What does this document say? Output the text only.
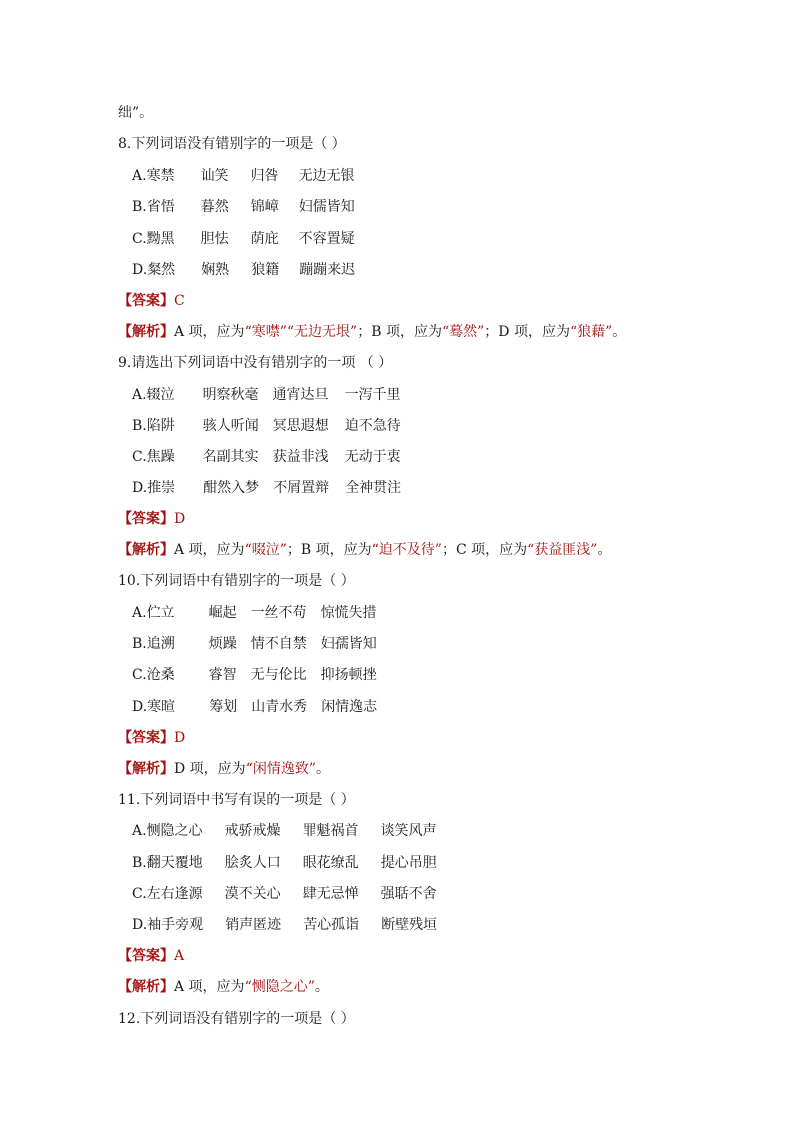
绌”。
8.下列词语没有错别字的一项是（ ）
A.寒禁 讪笑 归咎 无边无银
B.省悟 暮然 锦嶂 妇儒皆知
C.黝黑 胆怯 荫庇 不容置疑
D.粲然 娴熟 狼籍 蹦蹦来迟
【答案】C
【解析】A 项，应为“寒噤”“无边无垠”；B 项，应为“蓦然”；D 项，应为“狼藉”。
9.请选出下列词语中没有错别字的一项 （ ）
A.辍泣 明察秋毫 通宵达旦 一泻千里
B.陷阱 骇人听闻 冥思遐想 迫不急待
C.焦躁 名副其实 获益非浅 无动于衷
D.推崇 酣然入梦 不屑置辩 全神贯注
【答案】D
【解析】A 项，应为“啜泣”；B 项，应为“迫不及待”；C 项，应为“获益匪浅”。
10.下列词语中有错别字的一项是（ ）
A.伫立 崛起 一丝不苟 惊慌失措
B.追溯 烦躁 情不自禁 妇孺皆知
C.沧桑 睿智 无与伦比 抑扬顿挫
D.寒暄 筹划 山青水秀 闲情逸志
【答案】D
【解析】D 项，应为“闲情逸致”。
11.下列词语中书写有误的一项是（ ）
A.恻隐之心 戒骄戒燥 罪魁祸首 谈笑风声
B.翻天覆地 脍炙人口 眼花缭乱 提心吊胆
C.左右逢源 漠不关心 肆无忌惮 强聒不舍
D.袖手旁观 销声匿迹 苦心孤诣 断壁残垣
【答案】A
【解析】A 项，应为“恻隐之心”。
12.下列词语没有错别字的一项是（ ）
